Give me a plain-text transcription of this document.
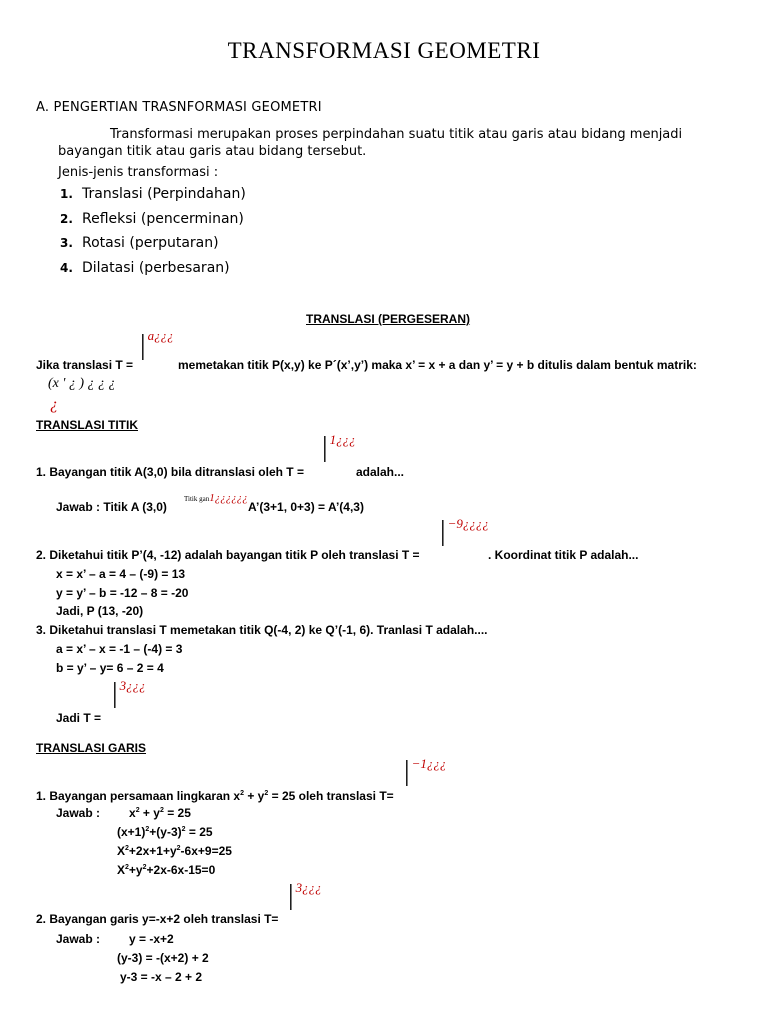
TRANSFORMASI GEOMETRI
A. PENGERTIAN TRASNFORMASI GEOMETRI
Transformasi merupakan proses perpindahan suatu titik atau garis atau bidang menjadi
bayangan titik atau garis atau bidang tersebut.
Jenis-jenis transformasi :
1. Translasi (Perpindahan)
2. Refleksi (pencerminan)
3. Rotasi (perputaran)
4. Dilatasi (perbesaran)
TRANSLASI (PERGESERAN)
| $^{a¿¿¿}$
Jika translasi T =	memetakan titik P(x,y) ke P´(x’,y’) maka x’ = x + a dan y’ = y + b ditulis dalam bentuk matrik:
(x ' ¿ ) ¿ ¿ ¿
¿
TRANSLASI TITIK
| $^{1¿¿¿}$
1. Bayangan titik A(3,0) bila ditranslasi oleh T =	adalah...
Jawab : Titik A (3,0)
Titik gan1¿¿¿¿¿¿
A’(3+1, 0+3) = A’(4,3)
| $^{-9¿¿¿¿}$
2. Diketahui titik P’(4, -12) adalah bayangan titik P oleh translasi T =	. Koordinat titik P adalah...
x = x’ – a = 4 – (-9) = 13
y = y’ – b = -12 – 8 = -20
Jadi, P (13, -20)
3. Diketahui translasi T memetakan titik Q(-4, 2) ke Q’(-1, 6). Tranlasi T adalah....
a = x’ – x = -1 – (-4) = 3
b = y’ – y= 6 – 2 = 4
| $^{3¿¿¿}$
Jadi T =
TRANSLASI GARIS
| $^{-1¿¿¿}$
1. Bayangan persamaan lingkaran $x^2 + y^2 = 25$ oleh translasi T=
Jawab : $x^2 + y^2 = 25$
$(x+1)^2+(y-3)^2 = 25$
$X^2+2x+1+y^2-6x+9=25$
$X^2+y^2+2x-6x-15=0$
| $^{3¿¿¿}$
2. Bayangan garis y=-x+2 oleh translasi T=
Jawab : y = -x+2
(y-3) = -(x+2) + 2
y-3 = -x – 2 + 2
